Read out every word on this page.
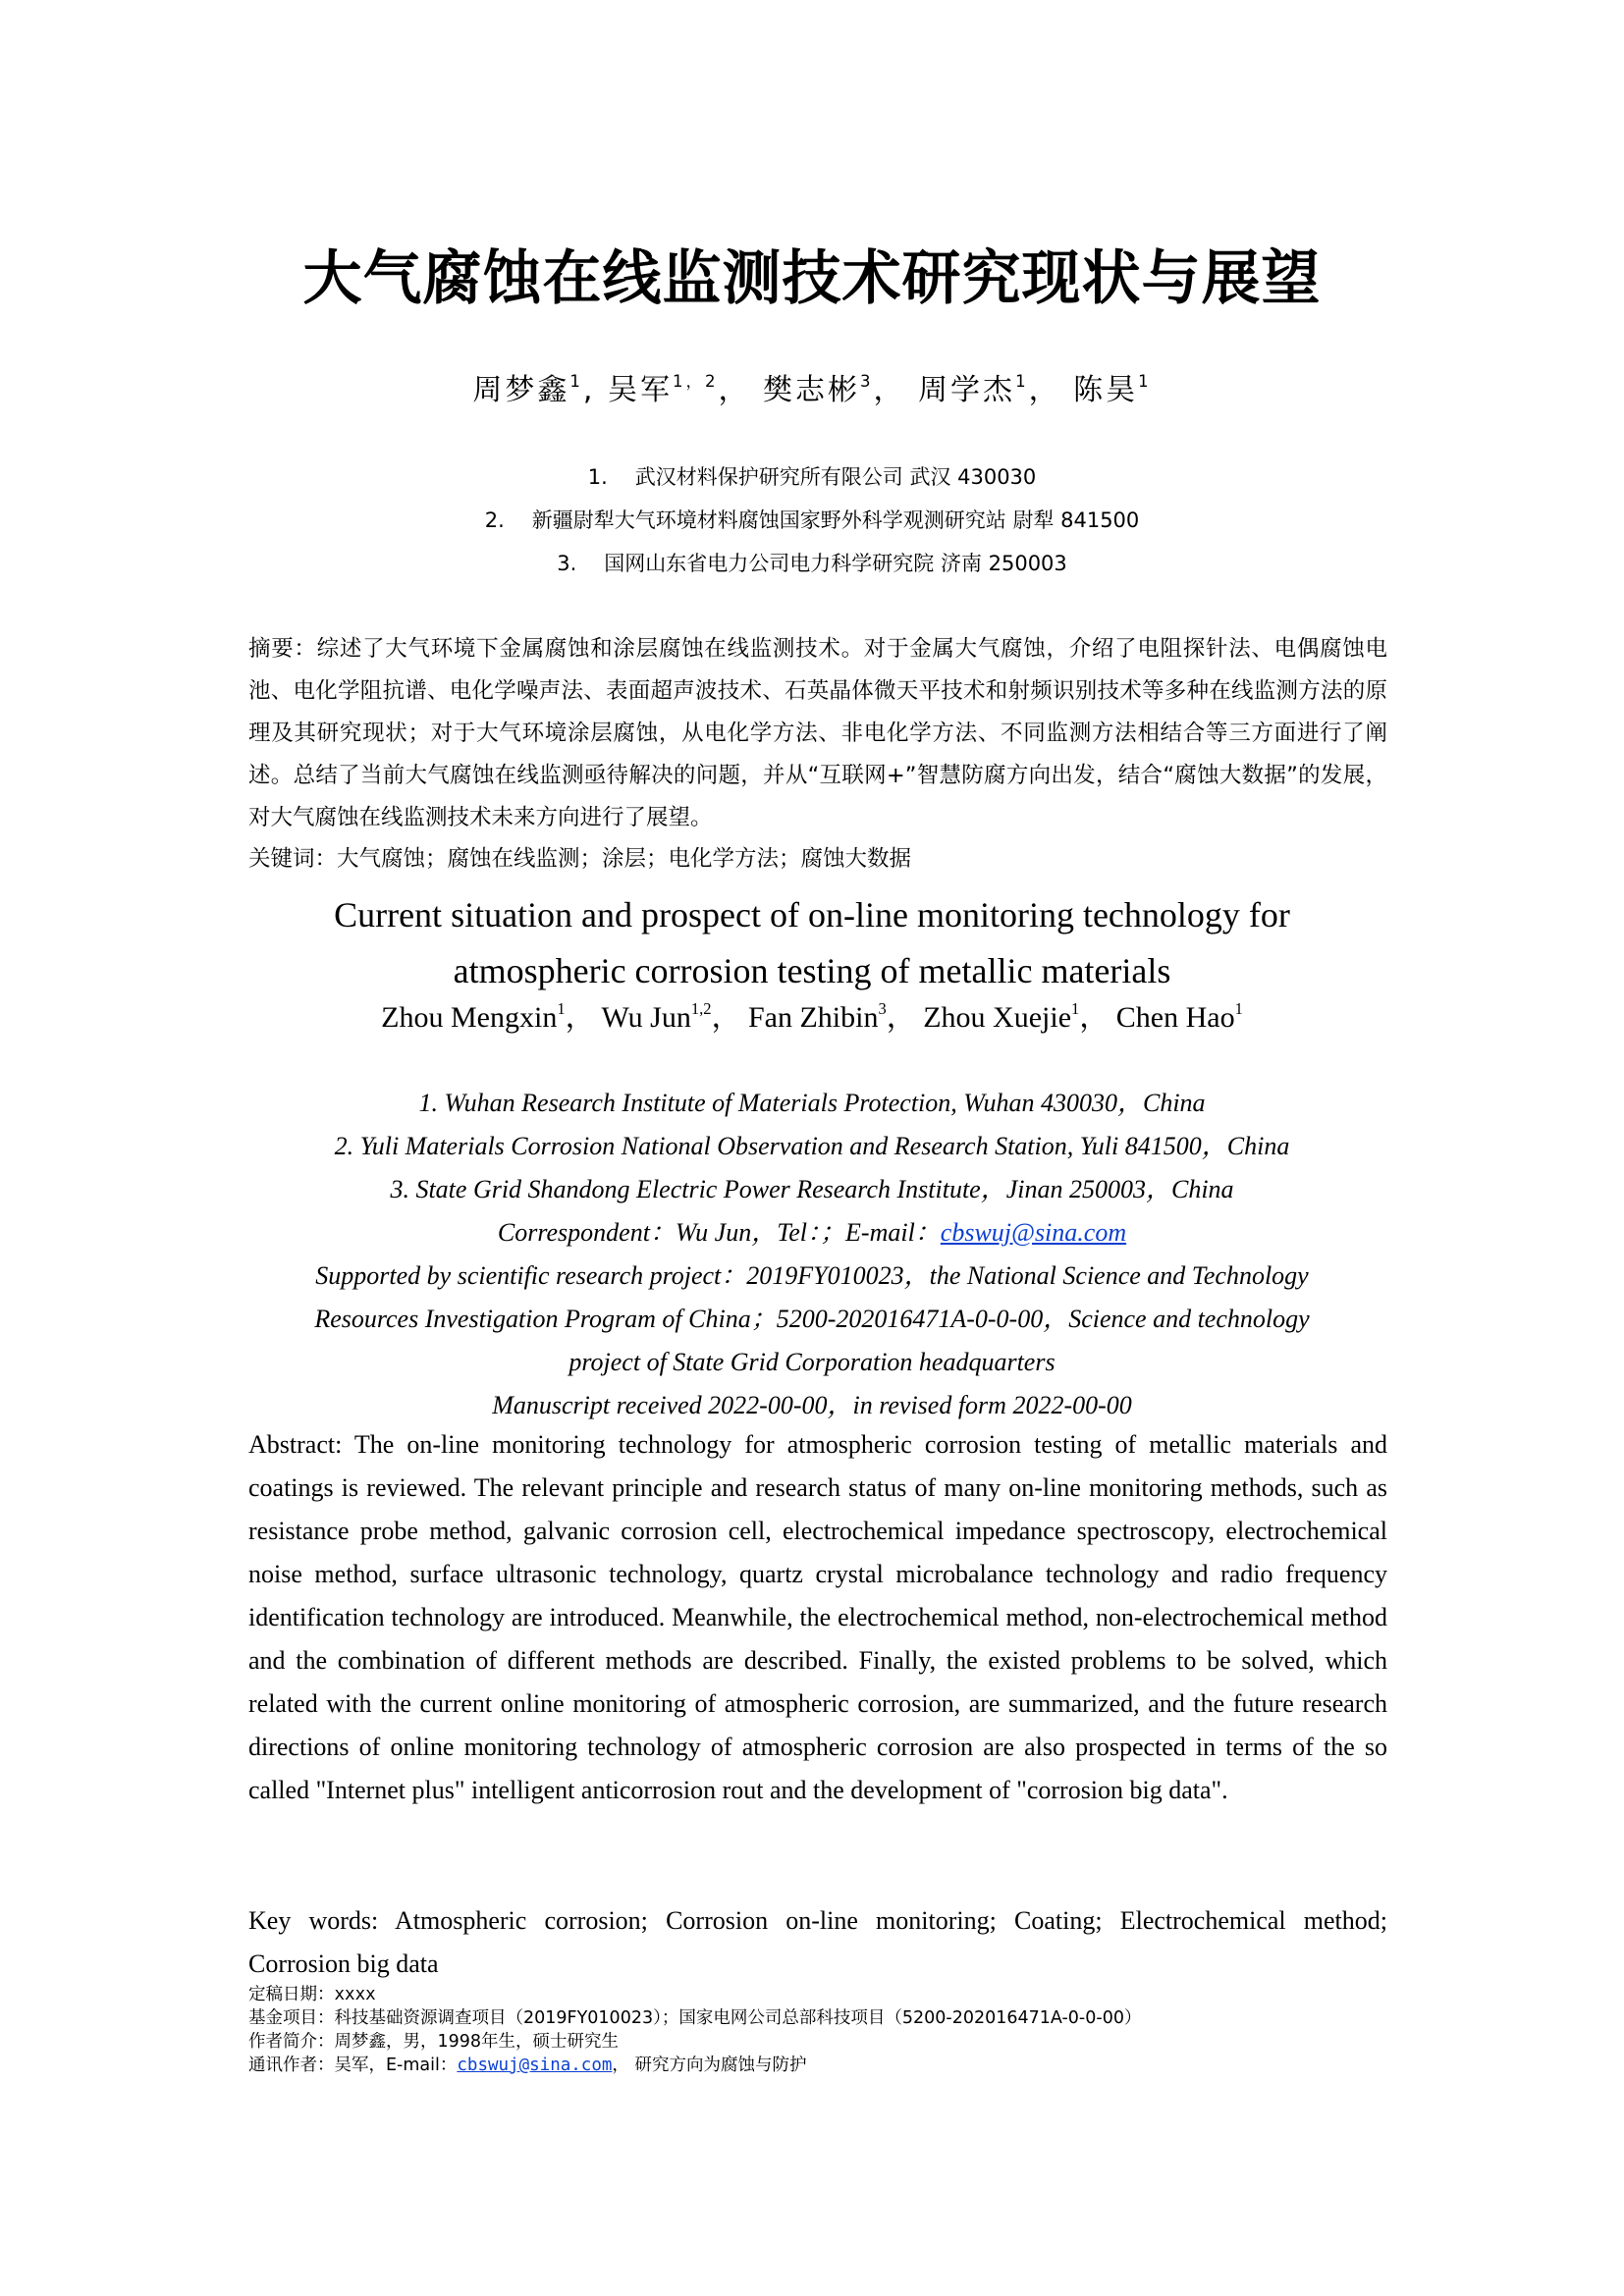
大气腐蚀在线监测技术研究现状与展望
周梦鑫$^1$, 吴军$^{1,2}$， 樊志彬$^3$， 周学杰$^1$， 陈昊$^1$
1. 武汉材料保护研究所有限公司 武汉 430030
2. 新疆尉犁大气环境材料腐蚀国家野外科学观测研究站 尉犁 841500
3. 国网山东省电力公司电力科学研究院 济南 250003
摘要：综述了大气环境下金属腐蚀和涂层腐蚀在线监测技术。对于金属大气腐蚀，介绍了电阻探针法、电偶腐蚀电池、电化学阻抗谱、电化学噪声法、表面超声波技术、石英晶体微天平技术和射频识别技术等多种在线监测方法的原理及其研究现状；对于大气环境涂层腐蚀，从电化学方法、非电化学方法、不同监测方法相结合等三方面进行了阐述。总结了当前大气腐蚀在线监测亟待解决的问题，并从“互联网+”智慧防腐方向出发，结合“腐蚀大数据”的发展，对大气腐蚀在线监测技术未来方向进行了展望。
关键词：大气腐蚀；腐蚀在线监测；涂层；电化学方法；腐蚀大数据
Current situation and prospect of on-line monitoring technology for
atmospheric corrosion testing of metallic materials
Zhou Mengxin$^1$， Wu Jun$^{1,2}$， Fan Zhibin$^3$， Zhou Xuejie$^1$， Chen Hao$^1$
1. Wuhan Research Institute of Materials Protection, Wuhan 430030，China
2. Yuli Materials Corrosion National Observation and Research Station, Yuli 841500，China
3. State Grid Shandong Electric Power Research Institute，Jinan 250003，China
Correspondent：Wu Jun，Tel：；E-mail：cbswuj@sina.com
Supported by scientific research project：2019FY010023，the National Science and Technology
Resources Investigation Program of China；5200-202016471A-0-0-00，Science and technology
project of State Grid Corporation headquarters
Manuscript received 2022-00-00，in revised form 2022-00-00
Abstract: The on-line monitoring technology for atmospheric corrosion testing of metallic materials and coatings is reviewed. The relevant principle and research status of many on-line monitoring methods, such as resistance probe method, galvanic corrosion cell, electrochemical impedance spectroscopy, electrochemical noise method, surface ultrasonic technology, quartz crystal microbalance technology and radio frequency identification technology are introduced. Meanwhile, the electrochemical method, non-electrochemical method and the combination of different methods are described. Finally, the existed problems to be solved, which related with the current online monitoring of atmospheric corrosion, are summarized, and the future research directions of online monitoring technology of atmospheric corrosion are also prospected in terms of the so called "Internet plus" intelligent anticorrosion rout and the development of "corrosion big data".
Key words: Atmospheric corrosion; Corrosion on-line monitoring; Coating; Electrochemical method; Corrosion big data
定稿日期：xxxx
基金项目：科技基础资源调查项目（2019FY010023）；国家电网公司总部科技项目（5200-202016471A-0-0-00）
作者简介：周梦鑫，男，1998年生，硕士研究生
通讯作者：吴军，E-mail：cbswuj@sina.com， 研究方向为腐蚀与防护
